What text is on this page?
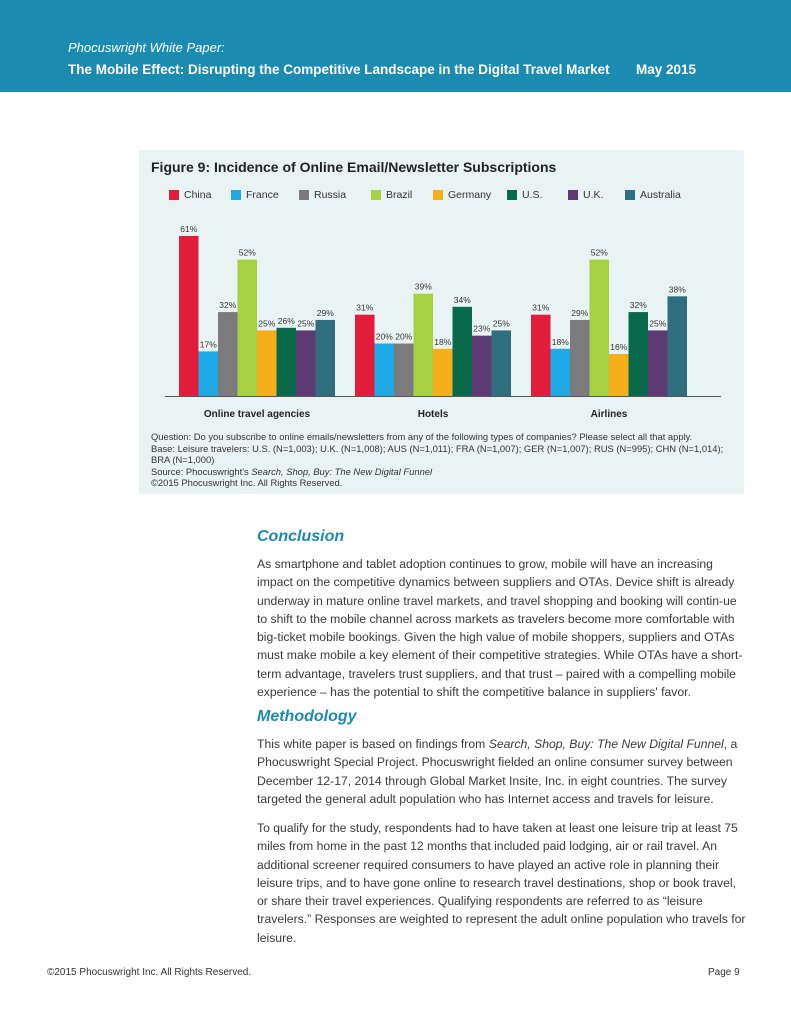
Phocuswright White Paper:
The Mobile Effect: Disrupting the Competitive Landscape in the Digital Travel Market May 2015
Figure 9: Incidence of Online Email/Newsletter Subscriptions
China	France	Russia	Brazil	Germany	U.S.	U.K.	Australia
61%
17%
32%
52%
25% 26% 25%
29%
Online travel agencies
31%
20% 20%
39%
18%
34%
23%
25%
Hotels
31%
18%
29%
52%
16%
32%
25%
38%
Airlines
Question: Do you subscribe to online emails/newsletters from any of the following types of companies? Please select all that apply.
Base: Leisure travelers: U.S. (N=1,003); U.K. (N=1,008); AUS (N=1,011); FRA (N=1,007); GER (N=1,007); RUS (N=995); CHN (N=1,014); BRA (N=1,000)
Source: Phocuswright's Search, Shop, Buy: The New Digital Funnel
©2015 Phocuswright Inc. All Rights Reserved.
Conclusion
As smartphone and tablet adoption continues to grow, mobile will have an increasing impact on the competitive dynamics between suppliers and OTAs. Device shift is already underway in mature online travel markets, and travel shopping and booking will contin-ue to shift to the mobile channel across markets as travelers become more comfortable with big-ticket mobile bookings. Given the high value of mobile shoppers, suppliers and OTAs must make mobile a key element of their competitive strategies. While OTAs have a short-term advantage, travelers trust suppliers, and that trust – paired with a compelling mobile experience – has the potential to shift the competitive balance in suppliers' favor.
Methodology
This white paper is based on findings from Search, Shop, Buy: The New Digital Funnel, a Phocuswright Special Project. Phocuswright fielded an online consumer survey between December 12-17, 2014 through Global Market Insite, Inc. in eight countries. The survey targeted the general adult population who has Internet access and travels for leisure.
To qualify for the study, respondents had to have taken at least one leisure trip at least 75 miles from home in the past 12 months that included paid lodging, air or rail travel. An additional screener required consumers to have played an active role in planning their leisure trips, and to have gone online to research travel destinations, shop or book travel, or share their travel experiences. Qualifying respondents are referred to as “leisure travelers.” Responses are weighted to represent the adult online population who travels for leisure.
©2015 Phocuswright Inc. All Rights Reserved.	Page 9
